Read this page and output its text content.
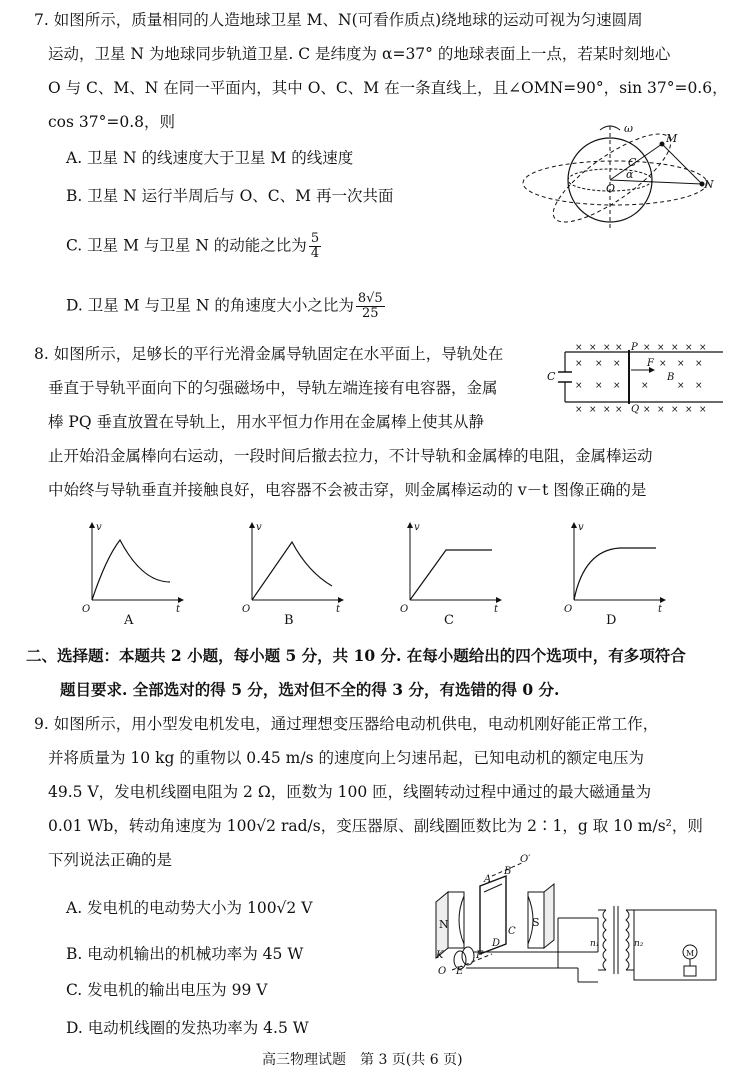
7. 如图所示，质量相同的人造地球卫星 M、N(可看作质点)绕地球的运动可视为匀速圆周
运动，卫星 N 为地球同步轨道卫星. C 是纬度为 α=37° 的地球表面上一点，若某时刻地心
O 与 C、M、N 在同一平面内，其中 O、C、M 在一条直线上，且∠OMN=90°，sin 37°=0.6，
cos 37°=0.8，则
A. 卫星 N 的线速度大于卫星 M 的线速度
B. 卫星 N 运行半周后与 O、C、M 再一次共面
C. 卫星 M 与卫星 N 的动能之比为 $\frac{5}{4}$
D. 卫星 M 与卫星 N 的角速度大小之比为 $\frac{8√5}{25}$
ω
M
C
α
O	N
8. 如图所示，足够长的平行光滑金属导轨固定在水平面上，导轨处在
垂直于导轨平面向下的匀强磁场中，导轨左端连接有电容器，金属
棒 PQ 垂直放置在导轨上，用水平恒力作用在金属棒上使其从静
止开始沿金属棒向右运动，一段时间后撤去拉力，不计导轨和金属棒的电阻，金属棒运动
中始终与导轨垂直并接触良好，电容器不会被击穿，则金属棒运动的 v－t 图像正确的是
× × × × × × × × ×
× × ×	× × ×
× × × ×	× ×
× × × × × × × × ×
C
P
Q
F
B
v
t
O
A
v
t
O
B
v
t
O
C
v
t
O
D
二、选择题：本题共 2 小题，每小题 5 分，共 10 分. 在每小题给出的四个选项中，有多项符合
题目要求. 全部选对的得 5 分，选对但不全的得 3 分，有选错的得 0 分.
9. 如图所示，用小型发电机发电，通过理想变压器给电动机供电，电动机刚好能正常工作，
并将质量为 10 kg 的重物以 0.45 m/s 的速度向上匀速吊起，已知电动机的额定电压为
49.5 V，发电机线圈电阻为 2 Ω，匝数为 100 匝，线圈转动过程中通过的最大磁通量为
0.01 Wb，转动角速度为 100√2 rad/s，变压器原、副线圈匝数比为 2∶1，g 取 10 m/s²，则
下列说法正确的是
A. 发电机的电动势大小为 100√2 V
B. 电动机输出的机械功率为 45 W
C. 发电机的输出电压为 99 V
D. 电动机线圈的发热功率为 4.5 W
A
B
O′
N	S
C
D
K	F
O E
n₁	n₂
M
高三物理试题　第 3 页(共 6 页)
